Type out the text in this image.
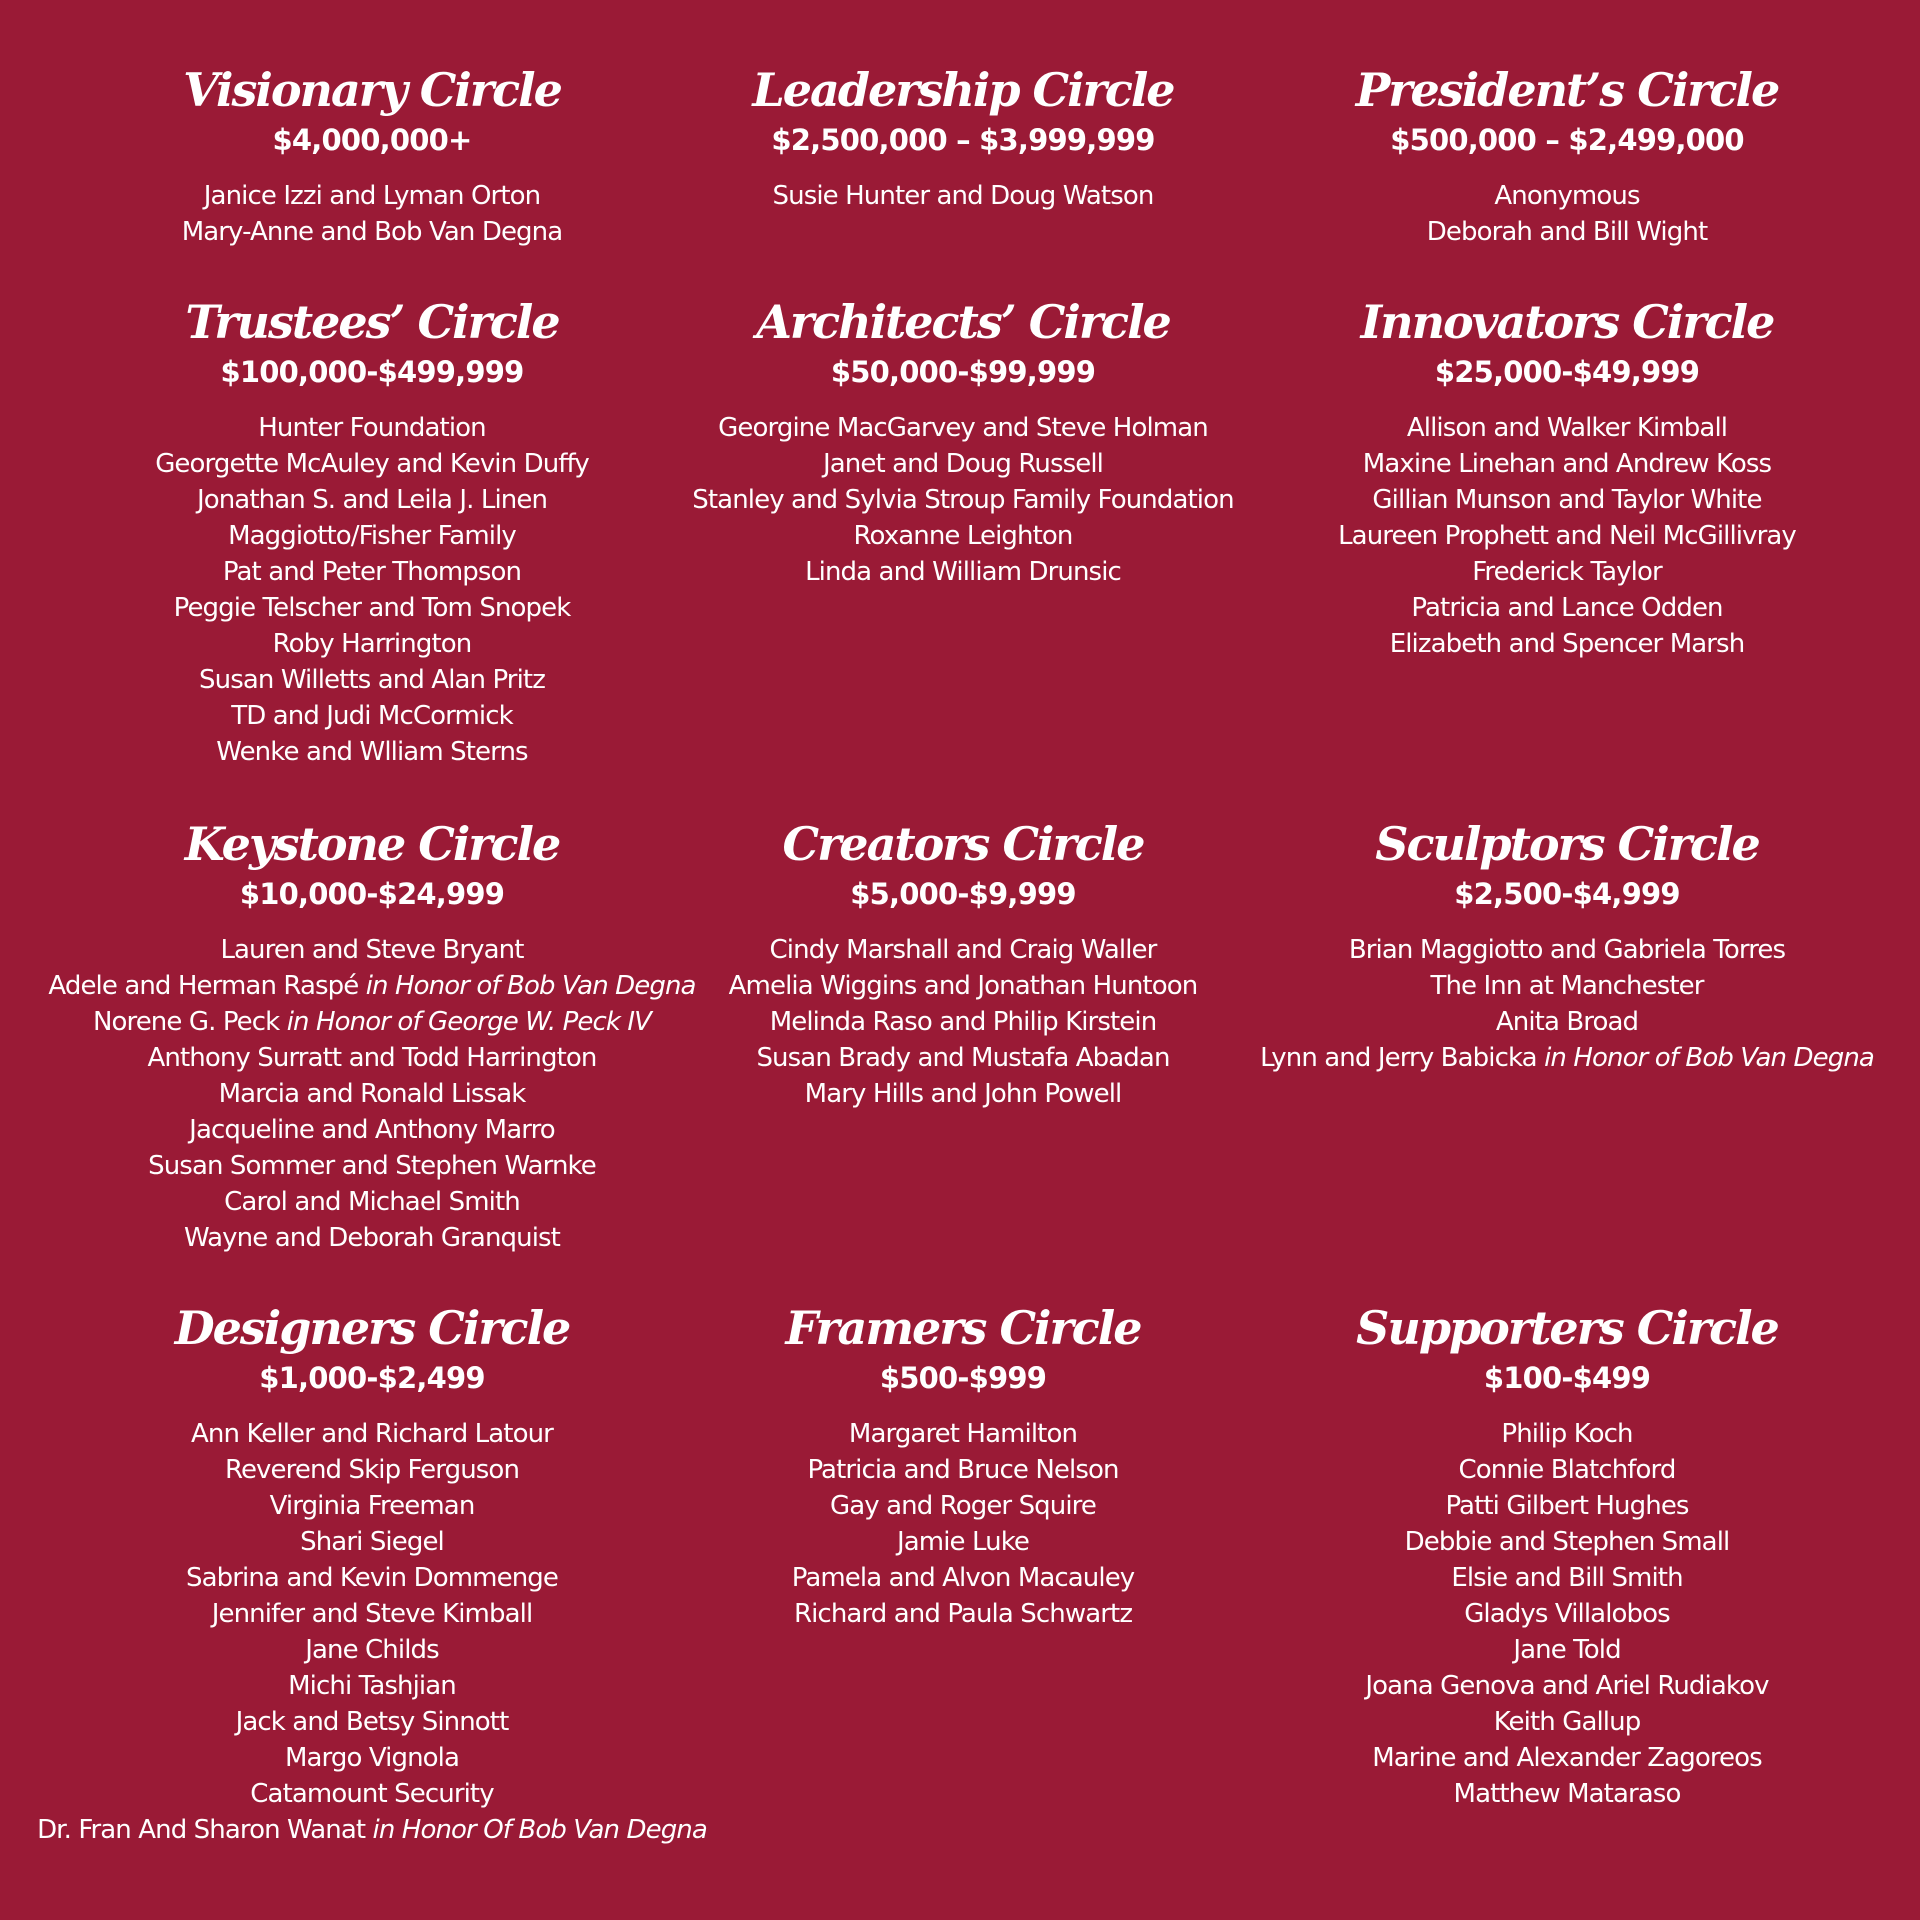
Visionary Circle
$4,000,000+
Janice Izzi and Lyman Orton
Mary-Anne and Bob Van Degna
Trustees’ Circle
$100,000-$499,999
Hunter Foundation
Georgette McAuley and Kevin Duffy
Jonathan S. and Leila J. Linen
Maggiotto/Fisher Family
Pat and Peter Thompson
Peggie Telscher and Tom Snopek
Roby Harrington
Susan Willetts and Alan Pritz
TD and Judi McCormick
Wenke and Wlliam Sterns
Keystone Circle
$10,000-$24,999
Lauren and Steve Bryant
Adele and Herman Raspé in Honor of Bob Van Degna
Norene G. Peck in Honor of George W. Peck IV
Anthony Surratt and Todd Harrington
Marcia and Ronald Lissak
Jacqueline and Anthony Marro
Susan Sommer and Stephen Warnke
Carol and Michael Smith
Wayne and Deborah Granquist
Designers Circle
$1,000-$2,499
Ann Keller and Richard Latour
Reverend Skip Ferguson
Virginia Freeman
Shari Siegel
Sabrina and Kevin Dommenge
Jennifer and Steve Kimball
Jane Childs
Michi Tashjian
Jack and Betsy Sinnott
Margo Vignola
Catamount Security
Dr. Fran And Sharon Wanat in Honor Of Bob Van Degna
Leadership Circle
$2,500,000 – $3,999,999
Susie Hunter and Doug Watson
Architects’ Circle
$50,000-$99,999
Georgine MacGarvey and Steve Holman
Janet and Doug Russell
Stanley and Sylvia Stroup Family Foundation
Roxanne Leighton
Linda and William Drunsic
Creators Circle
$5,000-$9,999
Cindy Marshall and Craig Waller
Amelia Wiggins and Jonathan Huntoon
Melinda Raso and Philip Kirstein
Susan Brady and Mustafa Abadan
Mary Hills and John Powell
Framers Circle
$500-$999
Margaret Hamilton
Patricia and Bruce Nelson
Gay and Roger Squire
Jamie Luke
Pamela and Alvon Macauley
Richard and Paula Schwartz
President’s Circle
$500,000 – $2,499,000
Anonymous
Deborah and Bill Wight
Innovators Circle
$25,000-$49,999
Allison and Walker Kimball
Maxine Linehan and Andrew Koss
Gillian Munson and Taylor White
Laureen Prophett and Neil McGillivray
Frederick Taylor
Patricia and Lance Odden
Elizabeth and Spencer Marsh
Sculptors Circle
$2,500-$4,999
Brian Maggiotto and Gabriela Torres
The Inn at Manchester
Anita Broad
Lynn and Jerry Babicka in Honor of Bob Van Degna
Supporters Circle
$100-$499
Philip Koch
Connie Blatchford
Patti Gilbert Hughes
Debbie and Stephen Small
Elsie and Bill Smith
Gladys Villalobos
Jane Told
Joana Genova and Ariel Rudiakov
Keith Gallup
Marine and Alexander Zagoreos
Matthew Mataraso
